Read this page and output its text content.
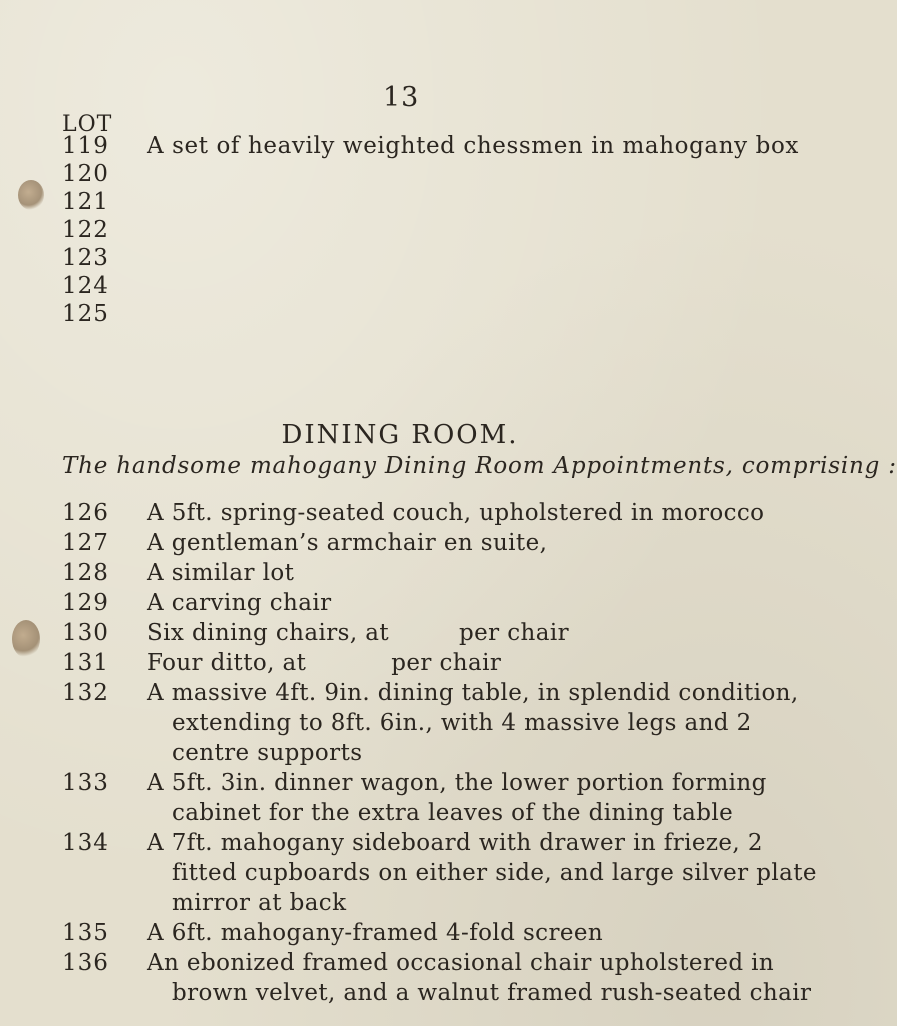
13
LOT
119	A set of heavily weighted chessmen in mahogany box
120
121
122
123
124
125
DINING ROOM.
The handsome mahogany Dining Room Appointments, comprising :
126 A 5ft. spring-seated couch, upholstered in morocco
127 A gentleman’s armchair en suite,
128 A similar lot
129 A carving chair
130 Six dining chairs, at	per chair
131 Four ditto, at	per chair
132 A massive 4ft. 9in. dining table, in splendid condition,
extending to 8ft. 6in., with 4 massive legs and 2
centre supports
133 A 5ft. 3in. dinner wagon, the lower portion forming
cabinet for the extra leaves of the dining table
134 A 7ft. mahogany sideboard with drawer in frieze, 2
fitted cupboards on either side, and large silver plate
mirror at back
135 A 6ft. mahogany-framed 4-fold screen
136 An ebonized framed occasional chair upholstered in
brown velvet, and a walnut framed rush-seated chair
